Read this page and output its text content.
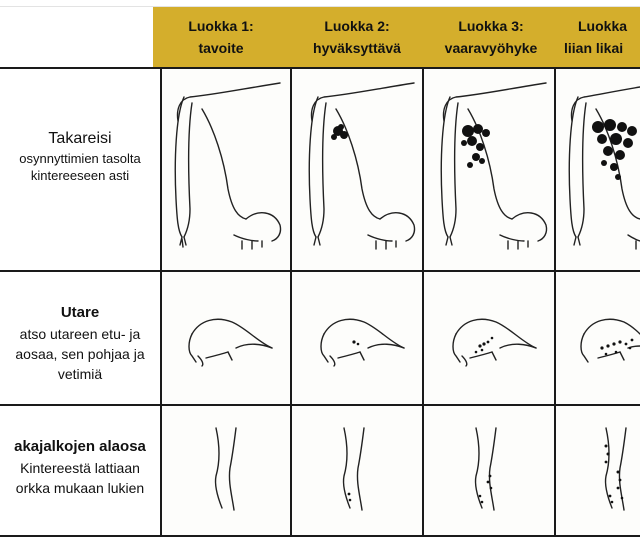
Luokka 1:
tavoite
Luokka 2:
hyväksyttävä
Luokka 3:
vaaravyöhyke
Luokka
liian likai
Takareisi
osynnyttimien tasolta
kintereeseen asti
Utare
atso utareen etu- ja
aosaa, sen pohjaa ja
vetimiä
akajalkojen alaosa
Kintereestä lattiaan
orkka mukaan lukien
